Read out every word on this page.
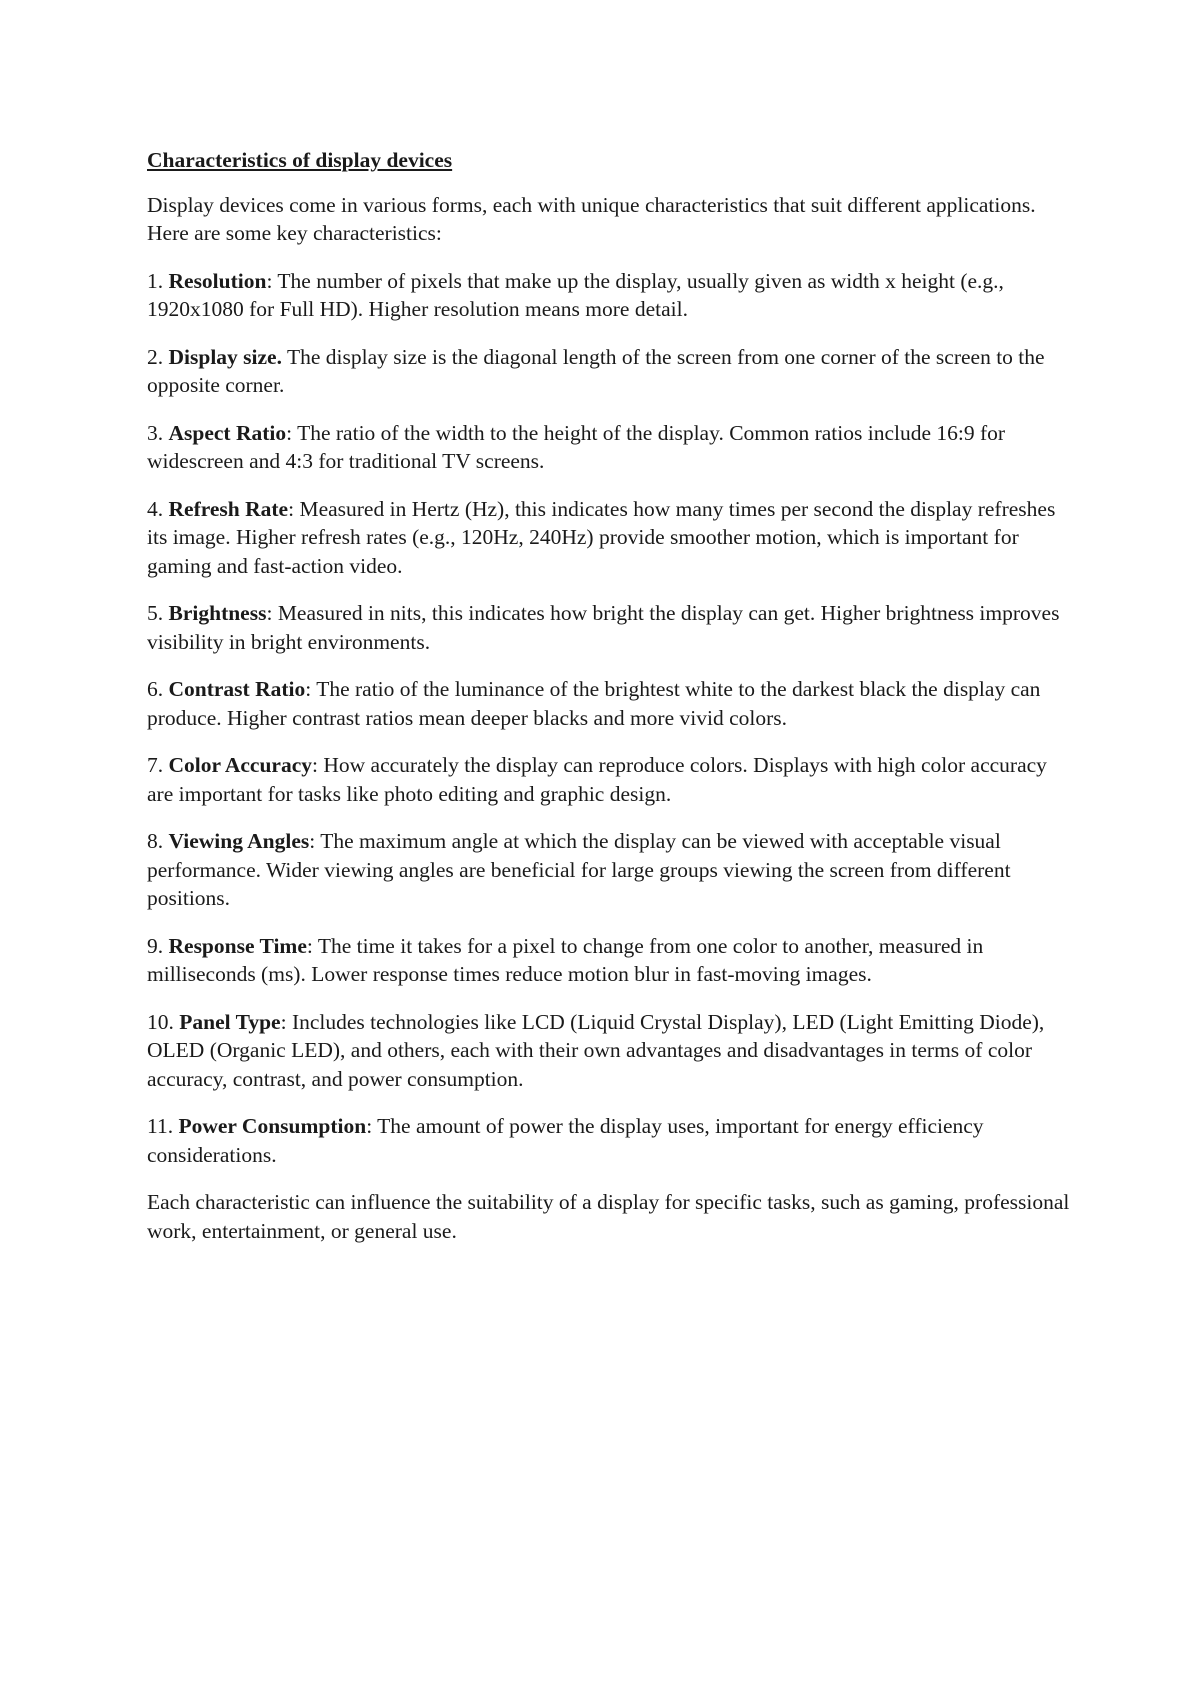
Characteristics of display devices

Display devices come in various forms, each with unique characteristics that suit different applications. Here are some key characteristics:

1. Resolution: The number of pixels that make up the display, usually given as width x height (e.g., 1920x1080 for Full HD). Higher resolution means more detail.

2. Display size. The display size is the diagonal length of the screen from one corner of the screen to the opposite corner.

3. Aspect Ratio: The ratio of the width to the height of the display. Common ratios include 16:9 for widescreen and 4:3 for traditional TV screens.

4. Refresh Rate: Measured in Hertz (Hz), this indicates how many times per second the display refreshes its image. Higher refresh rates (e.g., 120Hz, 240Hz) provide smoother motion, which is important for gaming and fast-action video.

5. Brightness: Measured in nits, this indicates how bright the display can get. Higher brightness improves visibility in bright environments.

6. Contrast Ratio: The ratio of the luminance of the brightest white to the darkest black the display can produce. Higher contrast ratios mean deeper blacks and more vivid colors.

7. Color Accuracy: How accurately the display can reproduce colors. Displays with high color accuracy are important for tasks like photo editing and graphic design.

8. Viewing Angles: The maximum angle at which the display can be viewed with acceptable visual performance. Wider viewing angles are beneficial for large groups viewing the screen from different positions.

9. Response Time: The time it takes for a pixel to change from one color to another, measured in milliseconds (ms). Lower response times reduce motion blur in fast-moving images.

10. Panel Type: Includes technologies like LCD (Liquid Crystal Display), LED (Light Emitting Diode), OLED (Organic LED), and others, each with their own advantages and disadvantages in terms of color accuracy, contrast, and power consumption.

11. Power Consumption: The amount of power the display uses, important for energy efficiency considerations.

Each characteristic can influence the suitability of a display for specific tasks, such as gaming, professional work, entertainment, or general use.
